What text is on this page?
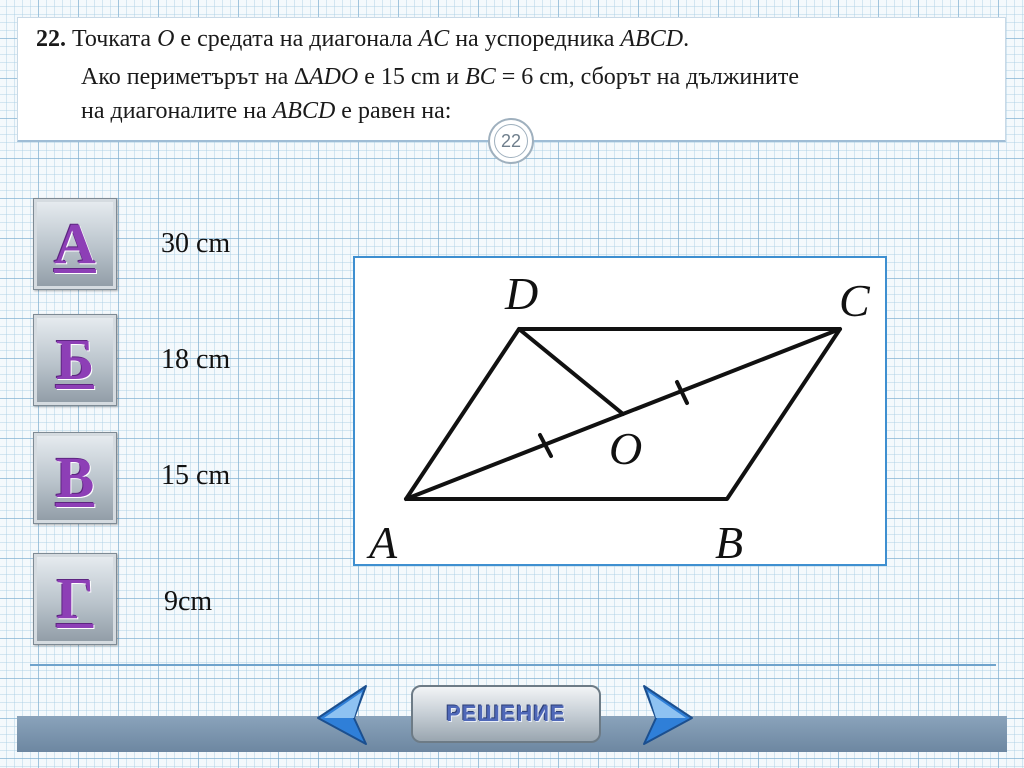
22. Точката O е средата на диагонала AC на успоредника ABCD.
Ако периметърът на ∆ADO е 15 cm и BC = 6 cm, сборът на дължините
на диагоналите на ABCD е равен на:
22
А 30 cm
Б 18 cm
В 15 cm
Г	9cm
A	B
C
D
O
РЕШЕНИЕ
